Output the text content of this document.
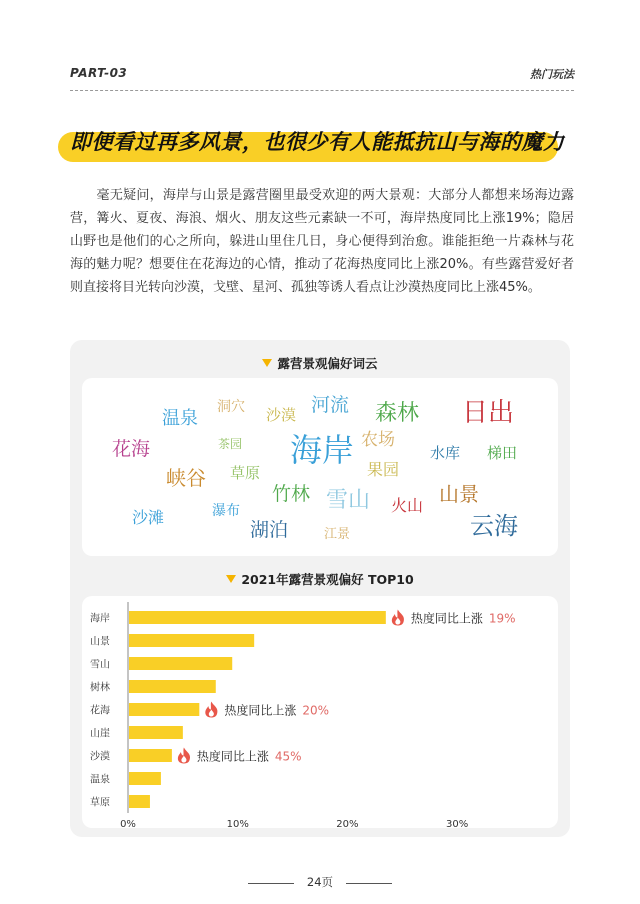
PART-03	热门玩法
即便看过再多风景，也很少有人能抵抗山与海的魔力

　　毫无疑问，海岸与山景是露营圈里最受欢迎的两大景观：大部分人都想来场海边露营，篝火、夏夜、海浪、烟火、朋友这些元素缺一不可，海岸热度同比上涨19%；隐居山野也是他们的心之所向，躲进山里住几日，身心便得到治愈。谁能拒绝一片森林与花海的魅力呢？想要住在花海边的心情，推动了花海热度同比上涨20%。有些露营爱好者则直接将目光转向沙漠，戈壁、星河、孤独等诱人看点让沙漠热度同比上涨45%。

露营景观偏好词云
温泉
洞穴 沙漠 河流 森林 日出
花海	茶园 海岸 农场
峡谷 草原	果园
水库 梯田
竹林 雪山 火山 山景
沙滩	瀑布
湖泊	江景	云海
2021年露营景观偏好 TOP10
海岸	热度同比上涨 19%
山景
雪山
树林
花海	热度同比上涨 20%
山崖
沙漠	热度同比上涨 45%
温泉
草原
0%	10%	20%	30%
24页
